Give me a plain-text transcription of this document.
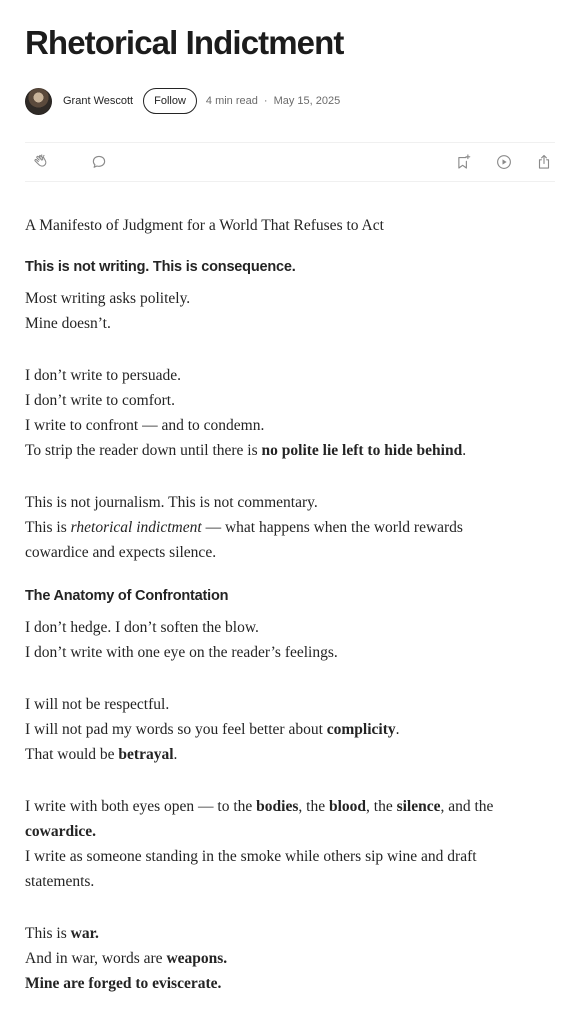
Rhetorical Indictment
Grant Wescott	Follow	4 min read · May 15, 2025

A Manifesto of Judgment for a World That Refuses to Act

This is not writing. This is consequence.

Most writing asks politely.

Mine doesn’t.

I don’t write to persuade.

I don’t write to comfort.

I write to confront — and to condemn.

To strip the reader down until there is no polite lie left to hide behind.

This is not journalism. This is not commentary.

This is rhetorical indictment — what happens when the world rewards

cowardice and expects silence.

The Anatomy of Confrontation

I don’t hedge. I don’t soften the blow.

I don’t write with one eye on the reader’s feelings.

I will not be respectful.

I will not pad my words so you feel better about complicity.

That would be betrayal.

I write with both eyes open — to the bodies, the blood, the silence, and the

cowardice.

I write as someone standing in the smoke while others sip wine and draft

statements.

This is war.

And in war, words are weapons.

Mine are forged to eviscerate.
